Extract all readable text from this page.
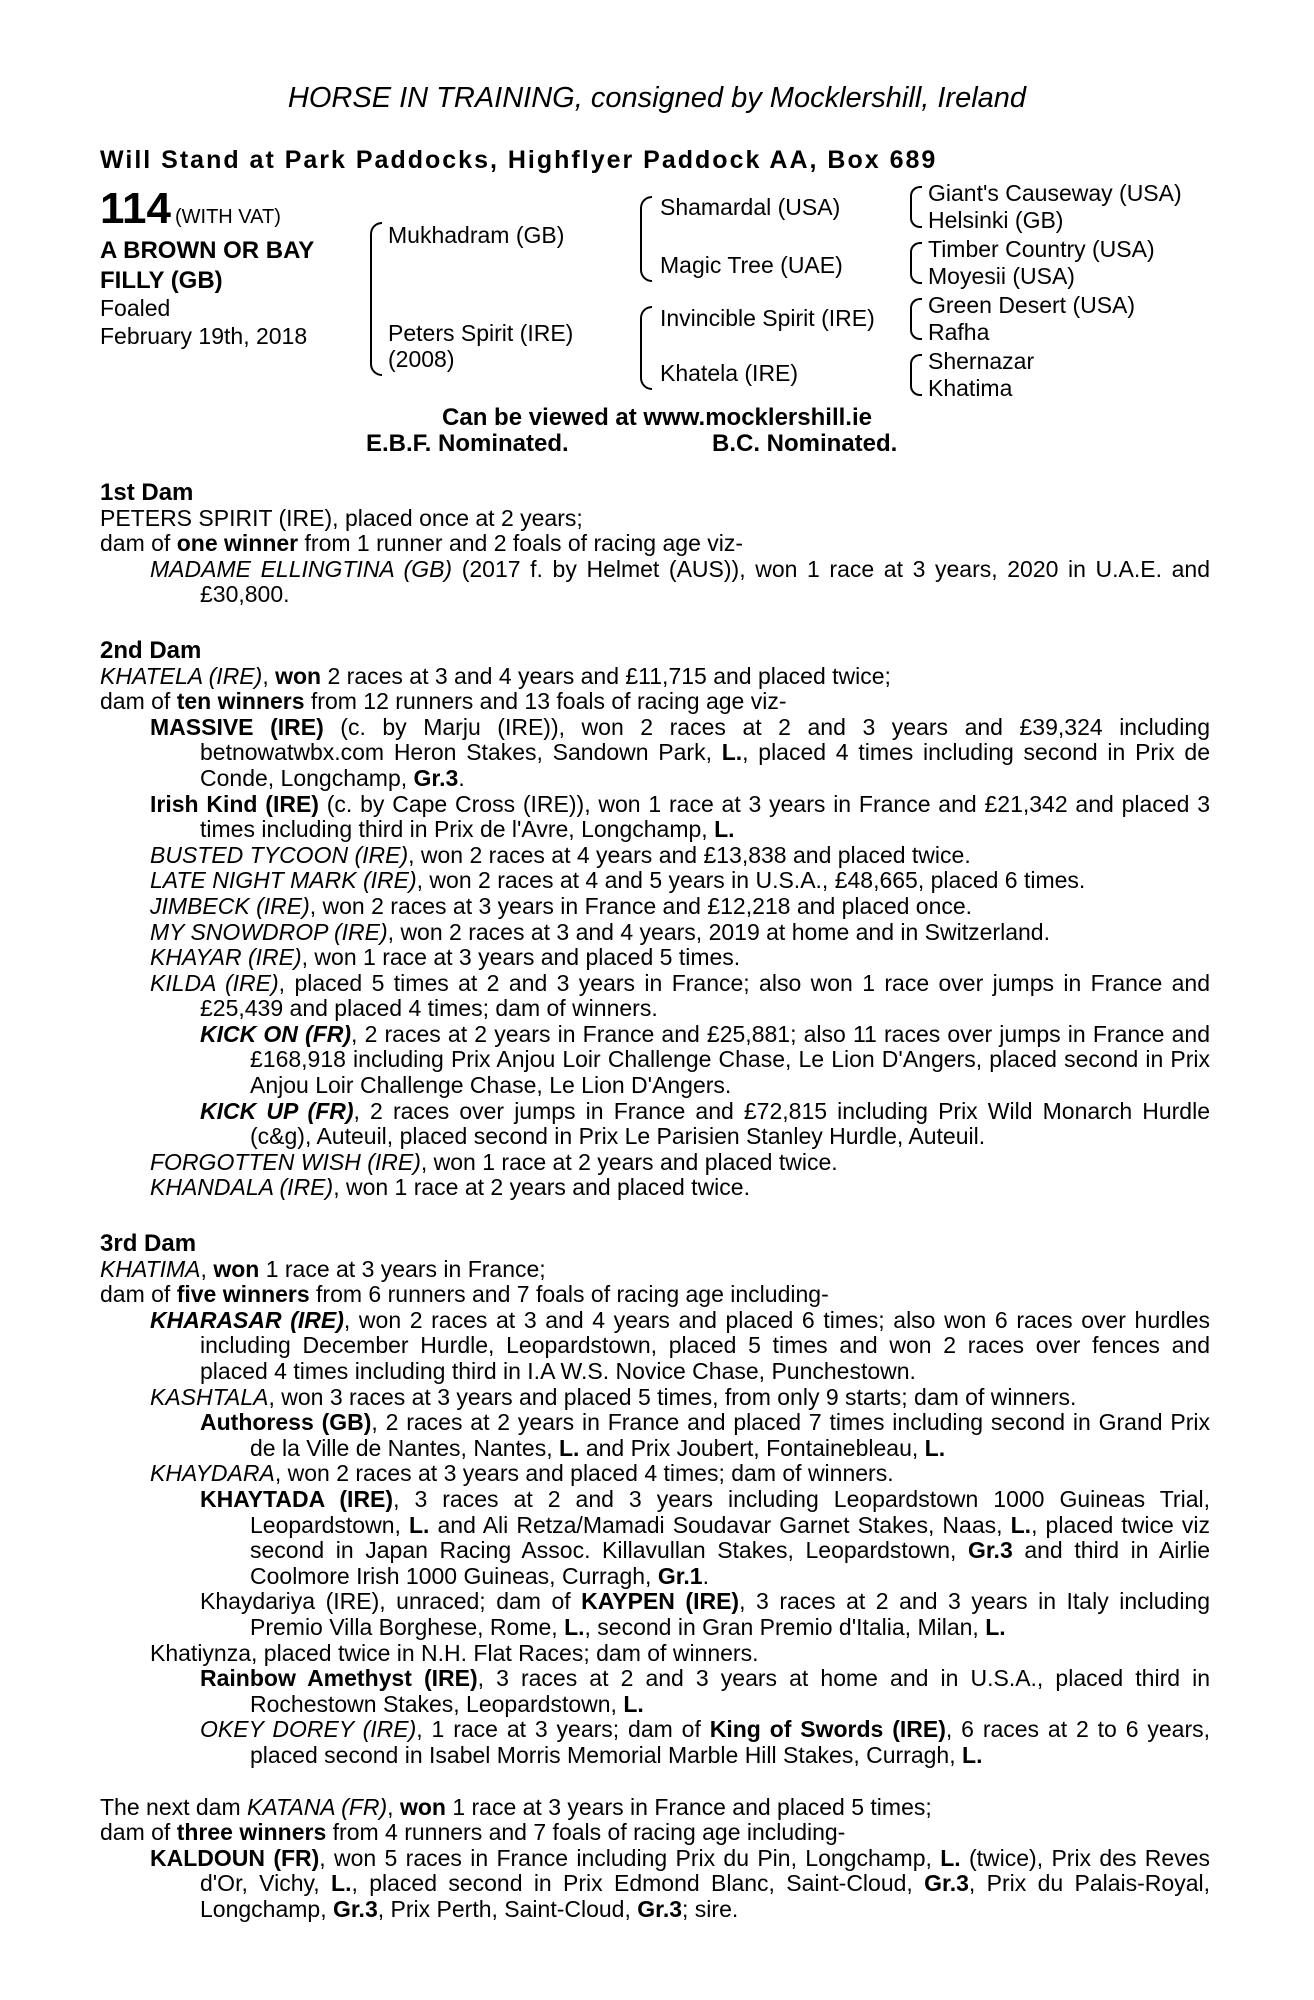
HORSE IN TRAINING, consigned by Mocklershill, Ireland
Will Stand at Park Paddocks, Highflyer Paddock AA, Box 689
114 (WITH VAT)
A BROWN OR BAY
FILLY (GB)
Foaled
February 19th, 2018
Mukhadram (GB)
Peters Spirit (IRE)
(2008)
Shamardal (USA)
Magic Tree (UAE)
Invincible Spirit (IRE)
Khatela (IRE)
Giant's Causeway (USA)
Helsinki (GB)
Timber Country (USA)
Moyesii (USA)
Green Desert (USA)
Rafha
Shernazar
Khatima
Can be viewed at www.mocklershill.ie
E.B.F. Nominated.	B.C. Nominated.

1st Dam

PETERS SPIRIT (IRE), placed once at 2 years;

dam of one winner from 1 runner and 2 foals of racing age viz-

MADAME ELLINGTINA (GB) (2017 f. by Helmet (AUS)), won 1 race at 3 years, 2020 in U.A.E. and £30,800.

2nd Dam

KHATELA (IRE), won 2 races at 3 and 4 years and £11,715 and placed twice;

dam of ten winners from 12 runners and 13 foals of racing age viz-

MASSIVE (IRE) (c. by Marju (IRE)), won 2 races at 2 and 3 years and £39,324 including betnowatwbx.com Heron Stakes, Sandown Park, L., placed 4 times including second in Prix de Conde, Longchamp, Gr.3.

Irish Kind (IRE) (c. by Cape Cross (IRE)), won 1 race at 3 years in France and £21,342 and placed 3 times including third in Prix de l'Avre, Longchamp, L.

BUSTED TYCOON (IRE), won 2 races at 4 years and £13,838 and placed twice.

LATE NIGHT MARK (IRE), won 2 races at 4 and 5 years in U.S.A., £48,665, placed 6 times.

JIMBECK (IRE), won 2 races at 3 years in France and £12,218 and placed once.

MY SNOWDROP (IRE), won 2 races at 3 and 4 years, 2019 at home and in Switzerland.

KHAYAR (IRE), won 1 race at 3 years and placed 5 times.

KILDA (IRE), placed 5 times at 2 and 3 years in France; also won 1 race over jumps in France and £25,439 and placed 4 times; dam of winners.

KICK ON (FR), 2 races at 2 years in France and £25,881; also 11 races over jumps in France and £168,918 including Prix Anjou Loir Challenge Chase, Le Lion D'Angers, placed second in Prix Anjou Loir Challenge Chase, Le Lion D'Angers.

KICK UP (FR), 2 races over jumps in France and £72,815 including Prix Wild Monarch Hurdle (c&g), Auteuil, placed second in Prix Le Parisien Stanley Hurdle, Auteuil.

FORGOTTEN WISH (IRE), won 1 race at 2 years and placed twice.

KHANDALA (IRE), won 1 race at 2 years and placed twice.

3rd Dam

KHATIMA, won 1 race at 3 years in France;

dam of five winners from 6 runners and 7 foals of racing age including-

KHARASAR (IRE), won 2 races at 3 and 4 years and placed 6 times; also won 6 races over hurdles including December Hurdle, Leopardstown, placed 5 times and won 2 races over fences and placed 4 times including third in I.A W.S. Novice Chase, Punchestown.

KASHTALA, won 3 races at 3 years and placed 5 times, from only 9 starts; dam of winners.

Authoress (GB), 2 races at 2 years in France and placed 7 times including second in Grand Prix de la Ville de Nantes, Nantes, L. and Prix Joubert, Fontainebleau, L.

KHAYDARA, won 2 races at 3 years and placed 4 times; dam of winners.

KHAYTADA (IRE), 3 races at 2 and 3 years including Leopardstown 1000 Guineas Trial, Leopardstown, L. and Ali Retza/Mamadi Soudavar Garnet Stakes, Naas, L., placed twice viz second in Japan Racing Assoc. Killavullan Stakes, Leopardstown, Gr.3 and third in Airlie Coolmore Irish 1000 Guineas, Curragh, Gr.1.

Khaydariya (IRE), unraced; dam of KAYPEN (IRE), 3 races at 2 and 3 years in Italy including Premio Villa Borghese, Rome, L., second in Gran Premio d'Italia, Milan, L.

Khatiynza, placed twice in N.H. Flat Races; dam of winners.

Rainbow Amethyst (IRE), 3 races at 2 and 3 years at home and in U.S.A., placed third in Rochestown Stakes, Leopardstown, L.

OKEY DOREY (IRE), 1 race at 3 years; dam of King of Swords (IRE), 6 races at 2 to 6 years, placed second in Isabel Morris Memorial Marble Hill Stakes, Curragh, L.

The next dam KATANA (FR), won 1 race at 3 years in France and placed 5 times;

dam of three winners from 4 runners and 7 foals of racing age including-

KALDOUN (FR), won 5 races in France including Prix du Pin, Longchamp, L. (twice), Prix des Reves d'Or, Vichy, L., placed second in Prix Edmond Blanc, Saint-Cloud, Gr.3, Prix du Palais-Royal, Longchamp, Gr.3, Prix Perth, Saint-Cloud, Gr.3; sire.
